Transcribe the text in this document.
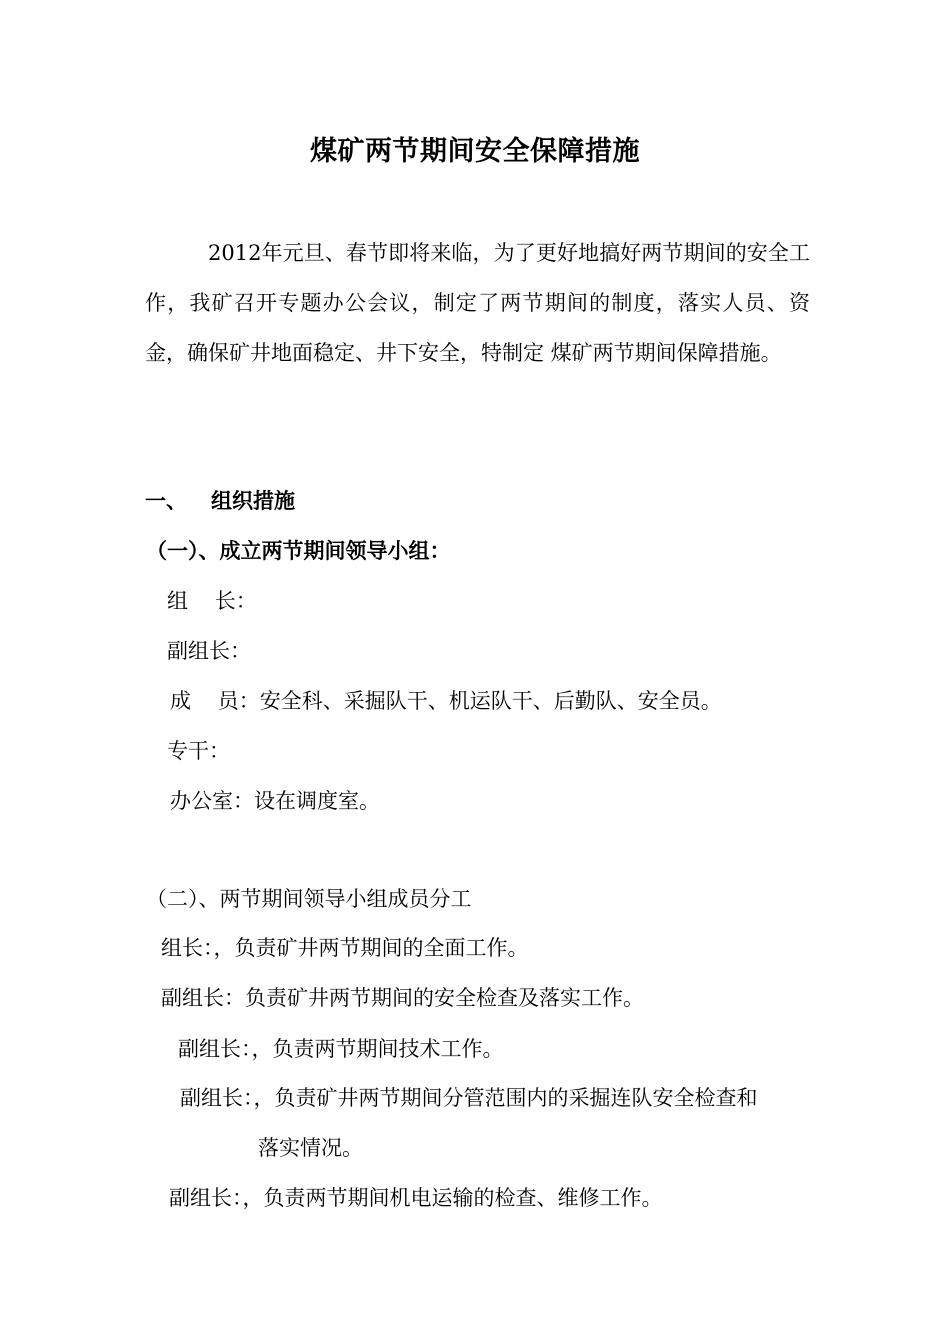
煤矿两节期间安全保障措施

2012年元旦、春节即将来临，为了更好地搞好两节期间的安全工作，我矿召开专题办公会议，制定了两节期间的制度，落实人员、资金，确保矿井地面稳定、井下安全，特制定 煤矿两节期间保障措施。

一、 组织措施
（一）、成立两节期间领导小组：
组    长：
副组长：
成    员：安全科、采掘队干、机运队干、后勤队、安全员。
专干：
办公室：设在调度室。
（二）、两节期间领导小组成员分工
组长：，负责矿井两节期间的全面工作。
副组长：负责矿井两节期间的安全检查及落实工作。
副组长：，负责两节期间技术工作。
副组长：，负责矿井两节期间分管范围内的采掘连队安全检查和
落实情况。
副组长：，负责两节期间机电运输的检查、维修工作。
